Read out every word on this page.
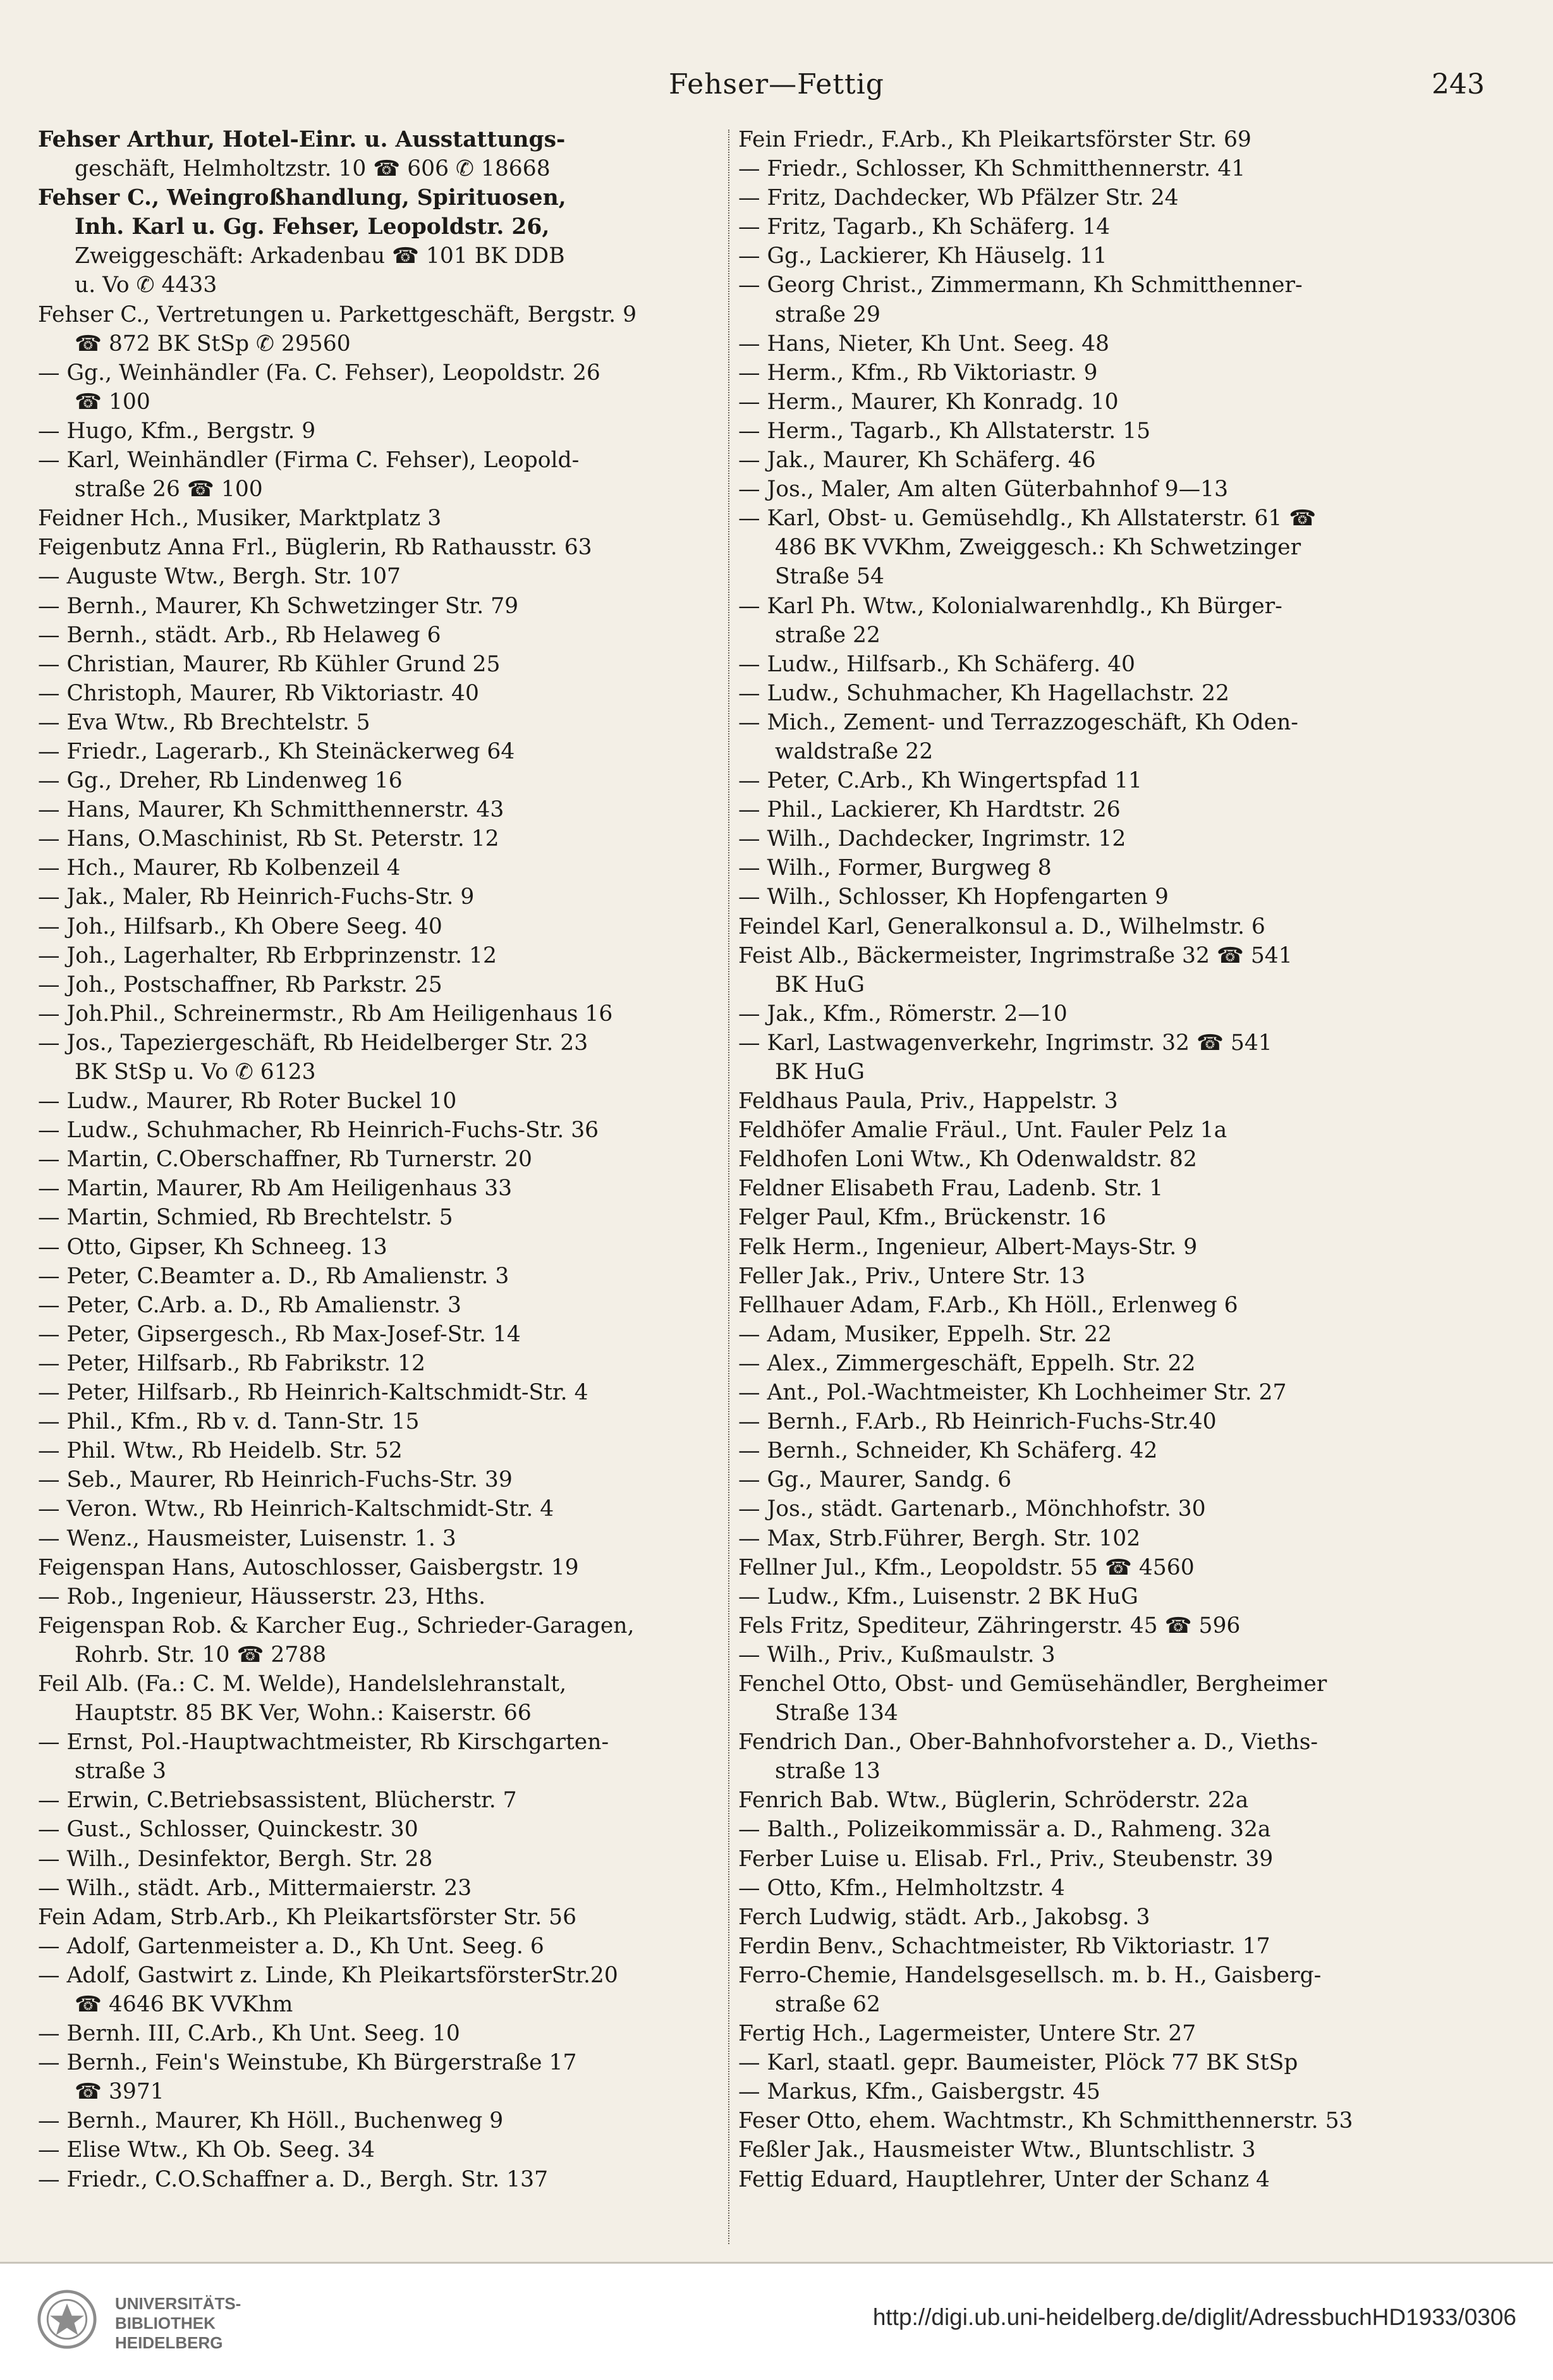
Fehser—Fettig	243
Fehser Arthur, Hotel-Einr. u. Ausstattungs-
geschäft, Helmholtzstr. 10 ☎ 606 ✆ 18668
Fehser C., Weingroßhandlung, Spirituosen,
Inh. Karl u. Gg. Fehser, Leopoldstr. 26,
Zweiggeschäft: Arkadenbau ☎ 101 BK DDB
u. Vo ✆ 4433
Fehser C., Vertretungen u. Parkettgeschäft, Bergstr. 9
☎ 872 BK StSp ✆ 29560
— Gg., Weinhändler (Fa. C. Fehser), Leopoldstr. 26
☎ 100
— Hugo, Kfm., Bergstr. 9
— Karl, Weinhändler (Firma C. Fehser), Leopold-
straße 26 ☎ 100
Feidner Hch., Musiker, Marktplatz 3
Feigenbutz Anna Frl., Büglerin, Rb Rathausstr. 63
— Auguste Wtw., Bergh. Str. 107
— Bernh., Maurer, Kh Schwetzinger Str. 79
— Bernh., städt. Arb., Rb Helaweg 6
— Christian, Maurer, Rb Kühler Grund 25
— Christoph, Maurer, Rb Viktoriastr. 40
— Eva Wtw., Rb Brechtelstr. 5
— Friedr., Lagerarb., Kh Steinäckerweg 64
— Gg., Dreher, Rb Lindenweg 16
— Hans, Maurer, Kh Schmitthennerstr. 43
— Hans, O.Maschinist, Rb St. Peterstr. 12
— Hch., Maurer, Rb Kolbenzeil 4
— Jak., Maler, Rb Heinrich-Fuchs-Str. 9
— Joh., Hilfsarb., Kh Obere Seeg. 40
— Joh., Lagerhalter, Rb Erbprinzenstr. 12
— Joh., Postschaffner, Rb Parkstr. 25
— Joh.Phil., Schreinermstr., Rb Am Heiligenhaus 16
— Jos., Tapeziergeschäft, Rb Heidelberger Str. 23
BK StSp u. Vo ✆ 6123
— Ludw., Maurer, Rb Roter Buckel 10
— Ludw., Schuhmacher, Rb Heinrich-Fuchs-Str. 36
— Martin, C.Oberschaffner, Rb Turnerstr. 20
— Martin, Maurer, Rb Am Heiligenhaus 33
— Martin, Schmied, Rb Brechtelstr. 5
— Otto, Gipser, Kh Schneeg. 13
— Peter, C.Beamter a. D., Rb Amalienstr. 3
— Peter, C.Arb. a. D., Rb Amalienstr. 3
— Peter, Gipsergesch., Rb Max-Josef-Str. 14
— Peter, Hilfsarb., Rb Fabrikstr. 12
— Peter, Hilfsarb., Rb Heinrich-Kaltschmidt-Str. 4
— Phil., Kfm., Rb v. d. Tann-Str. 15
— Phil. Wtw., Rb Heidelb. Str. 52
— Seb., Maurer, Rb Heinrich-Fuchs-Str. 39
— Veron. Wtw., Rb Heinrich-Kaltschmidt-Str. 4
— Wenz., Hausmeister, Luisenstr. 1. 3
Feigenspan Hans, Autoschlosser, Gaisbergstr. 19
— Rob., Ingenieur, Häusserstr. 23, Hths.
Feigenspan Rob. & Karcher Eug., Schrieder-Garagen,
Rohrb. Str. 10 ☎ 2788
Feil Alb. (Fa.: C. M. Welde), Handelslehranstalt,
Hauptstr. 85 BK Ver, Wohn.: Kaiserstr. 66
— Ernst, Pol.-Hauptwachtmeister, Rb Kirschgarten-
straße 3
— Erwin, C.Betriebsassistent, Blücherstr. 7
— Gust., Schlosser, Quinckestr. 30
— Wilh., Desinfektor, Bergh. Str. 28
— Wilh., städt. Arb., Mittermaierstr. 23
Fein Adam, Strb.Arb., Kh Pleikartsförster Str. 56
— Adolf, Gartenmeister a. D., Kh Unt. Seeg. 6
— Adolf, Gastwirt z. Linde, Kh PleikartsförsterStr.20
☎ 4646 BK VVKhm
— Bernh. III, C.Arb., Kh Unt. Seeg. 10
— Bernh., Fein's Weinstube, Kh Bürgerstraße 17
☎ 3971
— Bernh., Maurer, Kh Höll., Buchenweg 9
— Elise Wtw., Kh Ob. Seeg. 34
— Friedr., C.O.Schaffner a. D., Bergh. Str. 137
Fein Friedr., F.Arb., Kh Pleikartsförster Str. 69
— Friedr., Schlosser, Kh Schmitthennerstr. 41
— Fritz, Dachdecker, Wb Pfälzer Str. 24
— Fritz, Tagarb., Kh Schäferg. 14
— Gg., Lackierer, Kh Häuselg. 11
— Georg Christ., Zimmermann, Kh Schmitthenner-
straße 29
— Hans, Nieter, Kh Unt. Seeg. 48
— Herm., Kfm., Rb Viktoriastr. 9
— Herm., Maurer, Kh Konradg. 10
— Herm., Tagarb., Kh Allstaterstr. 15
— Jak., Maurer, Kh Schäferg. 46
— Jos., Maler, Am alten Güterbahnhof 9—13
— Karl, Obst- u. Gemüsehdlg., Kh Allstaterstr. 61 ☎
486 BK VVKhm, Zweiggesch.: Kh Schwetzinger
Straße 54
— Karl Ph. Wtw., Kolonialwarenhdlg., Kh Bürger-
straße 22
— Ludw., Hilfsarb., Kh Schäferg. 40
— Ludw., Schuhmacher, Kh Hagellachstr. 22
— Mich., Zement- und Terrazzogeschäft, Kh Oden-
waldstraße 22
— Peter, C.Arb., Kh Wingertspfad 11
— Phil., Lackierer, Kh Hardtstr. 26
— Wilh., Dachdecker, Ingrimstr. 12
— Wilh., Former, Burgweg 8
— Wilh., Schlosser, Kh Hopfengarten 9
Feindel Karl, Generalkonsul a. D., Wilhelmstr. 6
Feist Alb., Bäckermeister, Ingrimstraße 32 ☎ 541
BK HuG
— Jak., Kfm., Römerstr. 2—10
— Karl, Lastwagenverkehr, Ingrimstr. 32 ☎ 541
BK HuG
Feldhaus Paula, Priv., Happelstr. 3
Feldhöfer Amalie Fräul., Unt. Fauler Pelz 1a
Feldhofen Loni Wtw., Kh Odenwaldstr. 82
Feldner Elisabeth Frau, Ladenb. Str. 1
Felger Paul, Kfm., Brückenstr. 16
Felk Herm., Ingenieur, Albert-Mays-Str. 9
Feller Jak., Priv., Untere Str. 13
Fellhauer Adam, F.Arb., Kh Höll., Erlenweg 6
— Adam, Musiker, Eppelh. Str. 22
— Alex., Zimmergeschäft, Eppelh. Str. 22
— Ant., Pol.-Wachtmeister, Kh Lochheimer Str. 27
— Bernh., F.Arb., Rb Heinrich-Fuchs-Str.40
— Bernh., Schneider, Kh Schäferg. 42
— Gg., Maurer, Sandg. 6
— Jos., städt. Gartenarb., Mönchhofstr. 30
— Max, Strb.Führer, Bergh. Str. 102
Fellner Jul., Kfm., Leopoldstr. 55 ☎ 4560
— Ludw., Kfm., Luisenstr. 2 BK HuG
Fels Fritz, Spediteur, Zähringerstr. 45 ☎ 596
— Wilh., Priv., Kußmaulstr. 3
Fenchel Otto, Obst- und Gemüsehändler, Bergheimer
Straße 134
Fendrich Dan., Ober-Bahnhofvorsteher a. D., Vieths-
straße 13
Fenrich Bab. Wtw., Büglerin, Schröderstr. 22a
— Balth., Polizeikommissär a. D., Rahmeng. 32a
Ferber Luise u. Elisab. Frl., Priv., Steubenstr. 39
— Otto, Kfm., Helmholtzstr. 4
Ferch Ludwig, städt. Arb., Jakobsg. 3
Ferdin Benv., Schachtmeister, Rb Viktoriastr. 17
Ferro-Chemie, Handelsgesellsch. m. b. H., Gaisberg-
straße 62
Fertig Hch., Lagermeister, Untere Str. 27
— Karl, staatl. gepr. Baumeister, Plöck 77 BK StSp
— Markus, Kfm., Gaisbergstr. 45
Feser Otto, ehem. Wachtmstr., Kh Schmitthennerstr. 53
Feßler Jak., Hausmeister Wtw., Bluntschlistr. 3
Fettig Eduard, Hauptlehrer, Unter der Schanz 4
UNIVERSITÄTS-
BIBLIOTHEK
HEIDELBERG
http://digi.ub.uni-heidelberg.de/diglit/AdressbuchHD1933/0306
